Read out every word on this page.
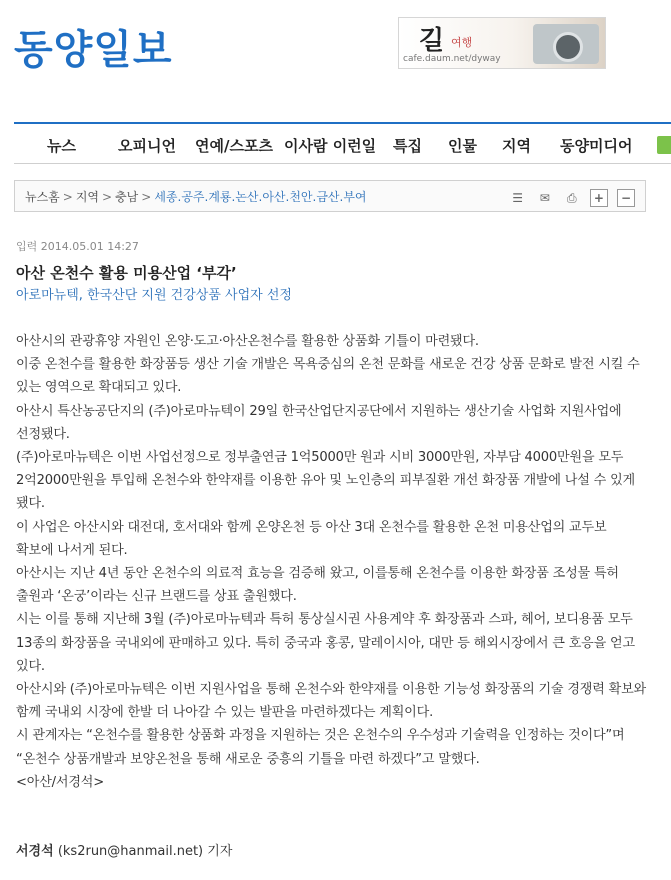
동양일보	길 여행
cafe.daum.net/dyway
뉴스	오피니언 연예/스포츠 이사람 이런일 특집 인물 지역 동양미디어
뉴스홈 > 지역 > 충남 > 세종.공주.계룡.논산.아산.천안.금산.부여	☰ ✉ ⎙ + −
입력 2014.05.01 14:27
아산 온천수 활용 미용산업 ‘부각’
아로마뉴텍, 한국산단 지원 건강상품 사업자 선정

아산시의 관광휴양 자원인 온양·도고·아산온천수를 활용한 상품화 기틀이 마련됐다.

이중 온천수를 활용한 화장품등 생산 기술 개발은 목욕중심의 온천 문화를 새로운 건강 상품 문화로 발전 시킬 수 있는 영역으로 확대되고 있다.

아산시 특산농공단지의 (주)아로마뉴텍이 29일 한국산업단지공단에서 지원하는 생산기술 사업화 지원사업에 선정됐다.

(주)아로마뉴텍은 이번 사업선정으로 정부출연금 1억5000만 원과 시비 3000만원, 자부담 4000만원을 모두 2억2000만원을 투입해 온천수와 한약재를 이용한 유아 및 노인층의 피부질환 개선 화장품 개발에 나설 수 있게 됐다.

이 사업은 아산시와 대전대, 호서대와 함께 온양온천 등 아산 3대 온천수를 활용한 온천 미용산업의 교두보 확보에 나서게 된다.

아산시는 지난 4년 동안 온천수의 의료적 효능을 검증해 왔고, 이를통해 온천수를 이용한 화장품 조성물 특허 출원과 ‘온궁’이라는 신규 브랜드를 상표 출원했다.

시는 이를 통해 지난해 3월 (주)아로마뉴텍과 특허 통상실시권 사용계약 후 화장품과 스파, 헤어, 보디용품 모두 13종의 화장품을 국내외에 판매하고 있다. 특히 중국과 홍콩, 말레이시아, 대만 등 해외시장에서 큰 호응을 얻고 있다.

아산시와 (주)아로마뉴텍은 이번 지원사업을 통해 온천수와 한약재를 이용한 기능성 화장품의 기술 경쟁력 확보와 함께 국내외 시장에 한발 더 나아갈 수 있는 발판을 마련하겠다는 계획이다.

시 관계자는 “온천수를 활용한 상품화 과정을 지원하는 것은 온천수의 우수성과 기술력을 인정하는 것이다”며 “온천수 상품개발과 보양온천을 통해 새로운 중흥의 기틀을 마련 하겠다”고 말했다.

<아산/서경석>

서경석 (ks2run@hanmail.net) 기자
